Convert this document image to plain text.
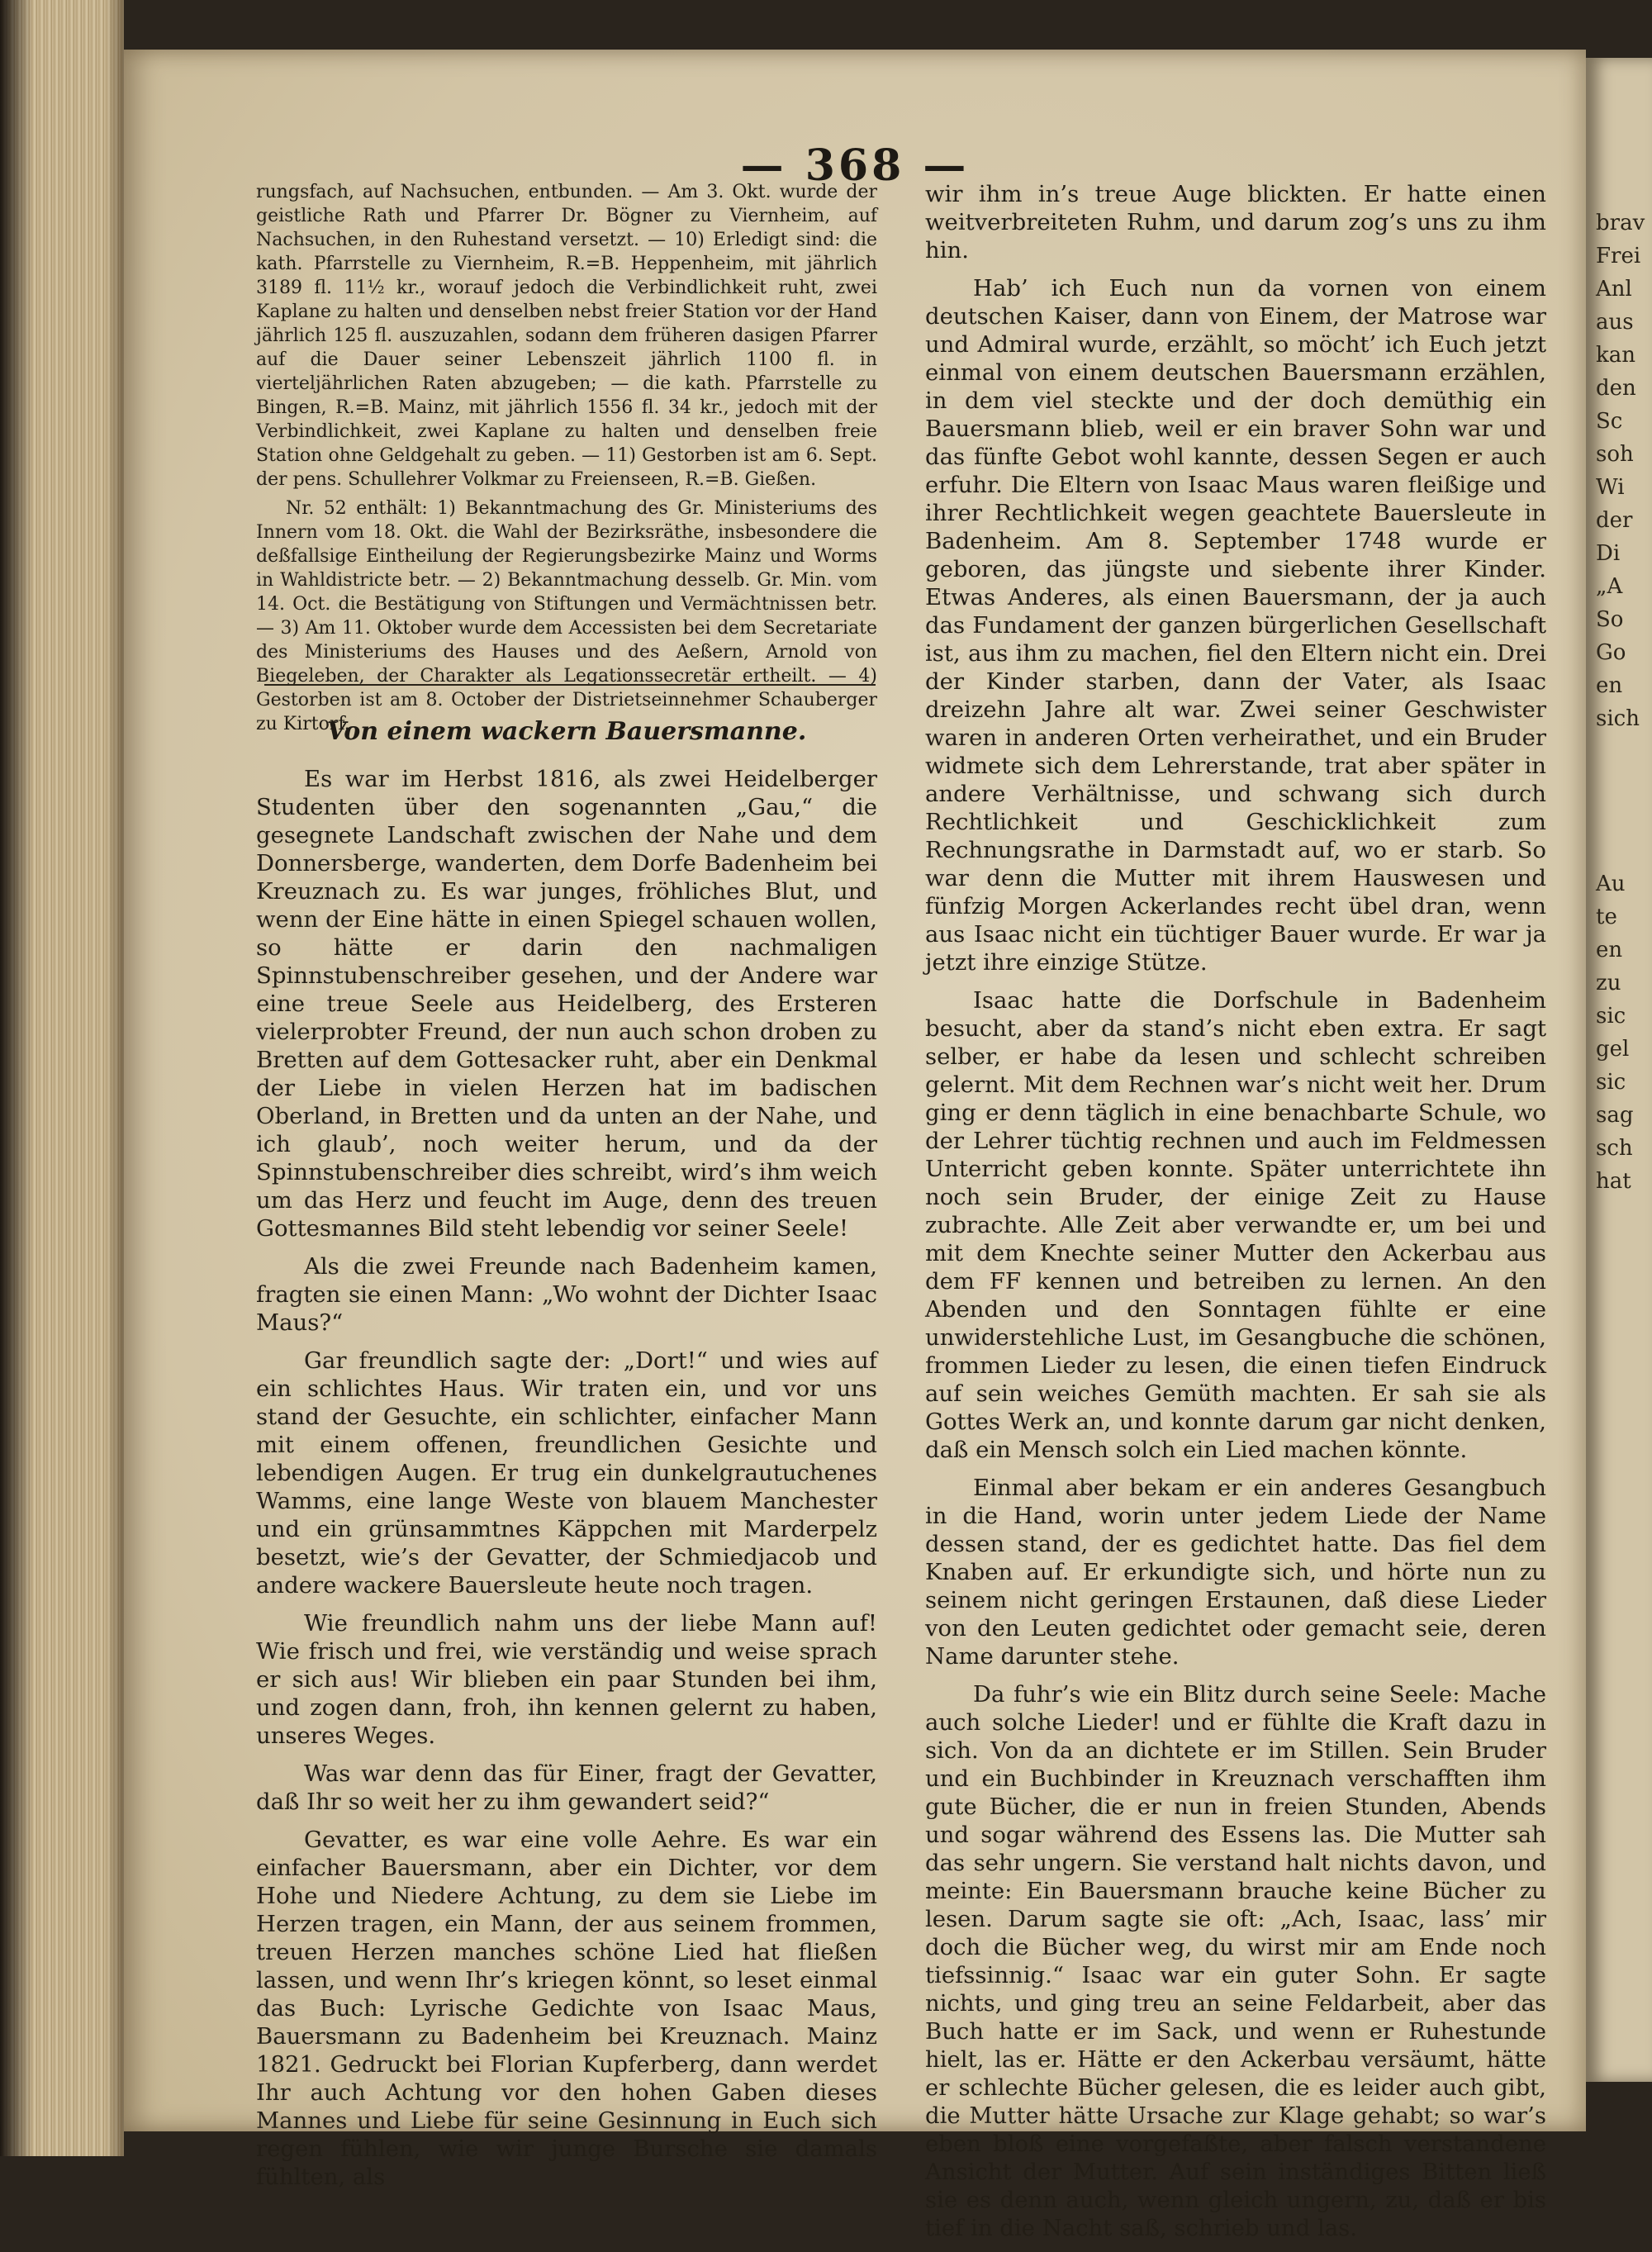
— 368 —
brav
Frei
Anl
aus
kan
den
Sc
soh
Wi
der
Di
„A
So
Go
en
sich

Au
te
en
zu
sic
gel
sic
sag
sch
hat

rungsfach, auf Nachsuchen, entbunden. — Am 3. Okt. wurde der geistliche Rath und Pfarrer Dr. Bögner zu Viernheim, auf Nachsuchen, in den Ruhestand versetzt. — 10) Erledigt sind: die kath. Pfarrstelle zu Viernheim, R.=B. Heppenheim, mit jährlich 3189 fl. 11½ kr., worauf jedoch die Verbindlichkeit ruht, zwei Kaplane zu halten und denselben nebst freier Station vor der Hand jährlich 125 fl. auszuzahlen, sodann dem früheren dasigen Pfarrer auf die Dauer seiner Lebenszeit jährlich 1100 fl. in vierteljährlichen Raten abzugeben; — die kath. Pfarrstelle zu Bingen, R.=B. Mainz, mit jährlich 1556 fl. 34 kr., jedoch mit der Verbindlichkeit, zwei Kaplane zu halten und denselben freie Station ohne Geldgehalt zu geben. — 11) Gestorben ist am 6. Sept. der pens. Schullehrer Volkmar zu Freienseen, R.=B. Gießen.

Nr. 52 enthält: 1) Bekanntmachung des Gr. Ministeriums des Innern vom 18. Okt. die Wahl der Bezirksräthe, insbesondere die deßfallsige Eintheilung der Regierungsbezirke Mainz und Worms in Wahldistricte betr. — 2) Bekanntmachung desselb. Gr. Min. vom 14. Oct. die Bestätigung von Stiftungen und Vermächtnissen betr. — 3) Am 11. Oktober wurde dem Accessisten bei dem Secretariate des Ministeriums des Hauses und des Aeßern, Arnold von Biegeleben, der Charakter als Legationssecretär ertheilt. — 4) Gestorben ist am 8. October der Distrietseinnehmer Schauberger zu Kirtorf.

Von einem wackern Bauersmanne.

Es war im Herbst 1816, als zwei Heidelberger Studenten über den sogenannten „Gau,“ die gesegnete Landschaft zwischen der Nahe und dem Donnersberge, wanderten, dem Dorfe Badenheim bei Kreuznach zu. Es war junges, fröhliches Blut, und wenn der Eine hätte in einen Spiegel schauen wollen, so hätte er darin den nachmaligen Spinnstubenschreiber gesehen, und der Andere war eine treue Seele aus Heidelberg, des Ersteren vielerprobter Freund, der nun auch schon droben zu Bretten auf dem Gottesacker ruht, aber ein Denkmal der Liebe in vielen Herzen hat im badischen Oberland, in Bretten und da unten an der Nahe, und ich glaub’, noch weiter herum, und da der Spinnstubenschreiber dies schreibt, wird’s ihm weich um das Herz und feucht im Auge, denn des treuen Gottesmannes Bild steht lebendig vor seiner Seele!

Als die zwei Freunde nach Badenheim kamen, fragten sie einen Mann: „Wo wohnt der Dichter Isaac Maus?“

Gar freundlich sagte der: „Dort!“ und wies auf ein schlichtes Haus. Wir traten ein, und vor uns stand der Gesuchte, ein schlichter, einfacher Mann mit einem offenen, freundlichen Gesichte und lebendigen Augen. Er trug ein dunkelgrautuchenes Wamms, eine lange Weste von blauem Manchester und ein grünsammtnes Käppchen mit Marderpelz besetzt, wie’s der Gevatter, der Schmiedjacob und andere wackere Bauersleute heute noch tragen.

Wie freundlich nahm uns der liebe Mann auf! Wie frisch und frei, wie verständig und weise sprach er sich aus! Wir blieben ein paar Stunden bei ihm, und zogen dann, froh, ihn kennen gelernt zu haben, unseres Weges.

Was war denn das für Einer, fragt der Gevatter, daß Ihr so weit her zu ihm gewandert seid?“

Gevatter, es war eine volle Aehre. Es war ein einfacher Bauersmann, aber ein Dichter, vor dem Hohe und Niedere Achtung, zu dem sie Liebe im Herzen tragen, ein Mann, der aus seinem frommen, treuen Herzen manches schöne Lied hat fließen lassen, und wenn Ihr’s kriegen könnt, so leset einmal das Buch: Lyrische Gedichte von Isaac Maus, Bauersmann zu Badenheim bei Kreuznach. Mainz 1821. Gedruckt bei Florian Kupferberg, dann werdet Ihr auch Achtung vor den hohen Gaben dieses Mannes und Liebe für seine Gesinnung in Euch sich regen fühlen, wie wir junge Bursche sie damals fühlten, als

wir ihm in’s treue Auge blickten. Er hatte einen weitverbreiteten Ruhm, und darum zog’s uns zu ihm hin.

Hab’ ich Euch nun da vornen von einem deutschen Kaiser, dann von Einem, der Matrose war und Admiral wurde, erzählt, so möcht’ ich Euch jetzt einmal von einem deutschen Bauersmann erzählen, in dem viel steckte und der doch demüthig ein Bauersmann blieb, weil er ein braver Sohn war und das fünfte Gebot wohl kannte, dessen Segen er auch erfuhr. Die Eltern von Isaac Maus waren fleißige und ihrer Rechtlichkeit wegen geachtete Bauersleute in Badenheim. Am 8. September 1748 wurde er geboren, das jüngste und siebente ihrer Kinder. Etwas Anderes, als einen Bauersmann, der ja auch das Fundament der ganzen bürgerlichen Gesellschaft ist, aus ihm zu machen, fiel den Eltern nicht ein. Drei der Kinder starben, dann der Vater, als Isaac dreizehn Jahre alt war. Zwei seiner Geschwister waren in anderen Orten verheirathet, und ein Bruder widmete sich dem Lehrerstande, trat aber später in andere Verhältnisse, und schwang sich durch Rechtlichkeit und Geschicklichkeit zum Rechnungsrathe in Darmstadt auf, wo er starb. So war denn die Mutter mit ihrem Hauswesen und fünfzig Morgen Ackerlandes recht übel dran, wenn aus Isaac nicht ein tüchtiger Bauer wurde. Er war ja jetzt ihre einzige Stütze.

Isaac hatte die Dorfschule in Badenheim besucht, aber da stand’s nicht eben extra. Er sagt selber, er habe da lesen und schlecht schreiben gelernt. Mit dem Rechnen war’s nicht weit her. Drum ging er denn täglich in eine benachbarte Schule, wo der Lehrer tüchtig rechnen und auch im Feldmessen Unterricht geben konnte. Später unterrichtete ihn noch sein Bruder, der einige Zeit zu Hause zubrachte. Alle Zeit aber verwandte er, um bei und mit dem Knechte seiner Mutter den Ackerbau aus dem FF kennen und betreiben zu lernen. An den Abenden und den Sonntagen fühlte er eine unwiderstehliche Lust, im Gesangbuche die schönen, frommen Lieder zu lesen, die einen tiefen Eindruck auf sein weiches Gemüth machten. Er sah sie als Gottes Werk an, und konnte darum gar nicht denken, daß ein Mensch solch ein Lied machen könnte.

Einmal aber bekam er ein anderes Gesangbuch in die Hand, worin unter jedem Liede der Name dessen stand, der es gedichtet hatte. Das fiel dem Knaben auf. Er erkundigte sich, und hörte nun zu seinem nicht geringen Erstaunen, daß diese Lieder von den Leuten gedichtet oder gemacht seie, deren Name darunter stehe.

Da fuhr’s wie ein Blitz durch seine Seele: Mache auch solche Lieder! und er fühlte die Kraft dazu in sich. Von da an dichtete er im Stillen. Sein Bruder und ein Buchbinder in Kreuznach verschafften ihm gute Bücher, die er nun in freien Stunden, Abends und sogar während des Essens las. Die Mutter sah das sehr ungern. Sie verstand halt nichts davon, und meinte: Ein Bauersmann brauche keine Bücher zu lesen. Darum sagte sie oft: „Ach, Isaac, lass’ mir doch die Bücher weg, du wirst mir am Ende noch tiefssinnig.“ Isaac war ein guter Sohn. Er sagte nichts, und ging treu an seine Feldarbeit, aber das Buch hatte er im Sack, und wenn er Ruhestunde hielt, las er. Hätte er den Ackerbau versäumt, hätte er schlechte Bücher gelesen, die es leider auch gibt, die Mutter hätte Ursache zur Klage gehabt; so war’s eben bloß eine vorgefaßte, aber falsch verstandene Ansicht der Mutter. Auf sein inständiges Bitten ließ sie es denn auch, wenn gleich ungern, zu, daß er bis tief in die Nacht saß, schrieb und las.
